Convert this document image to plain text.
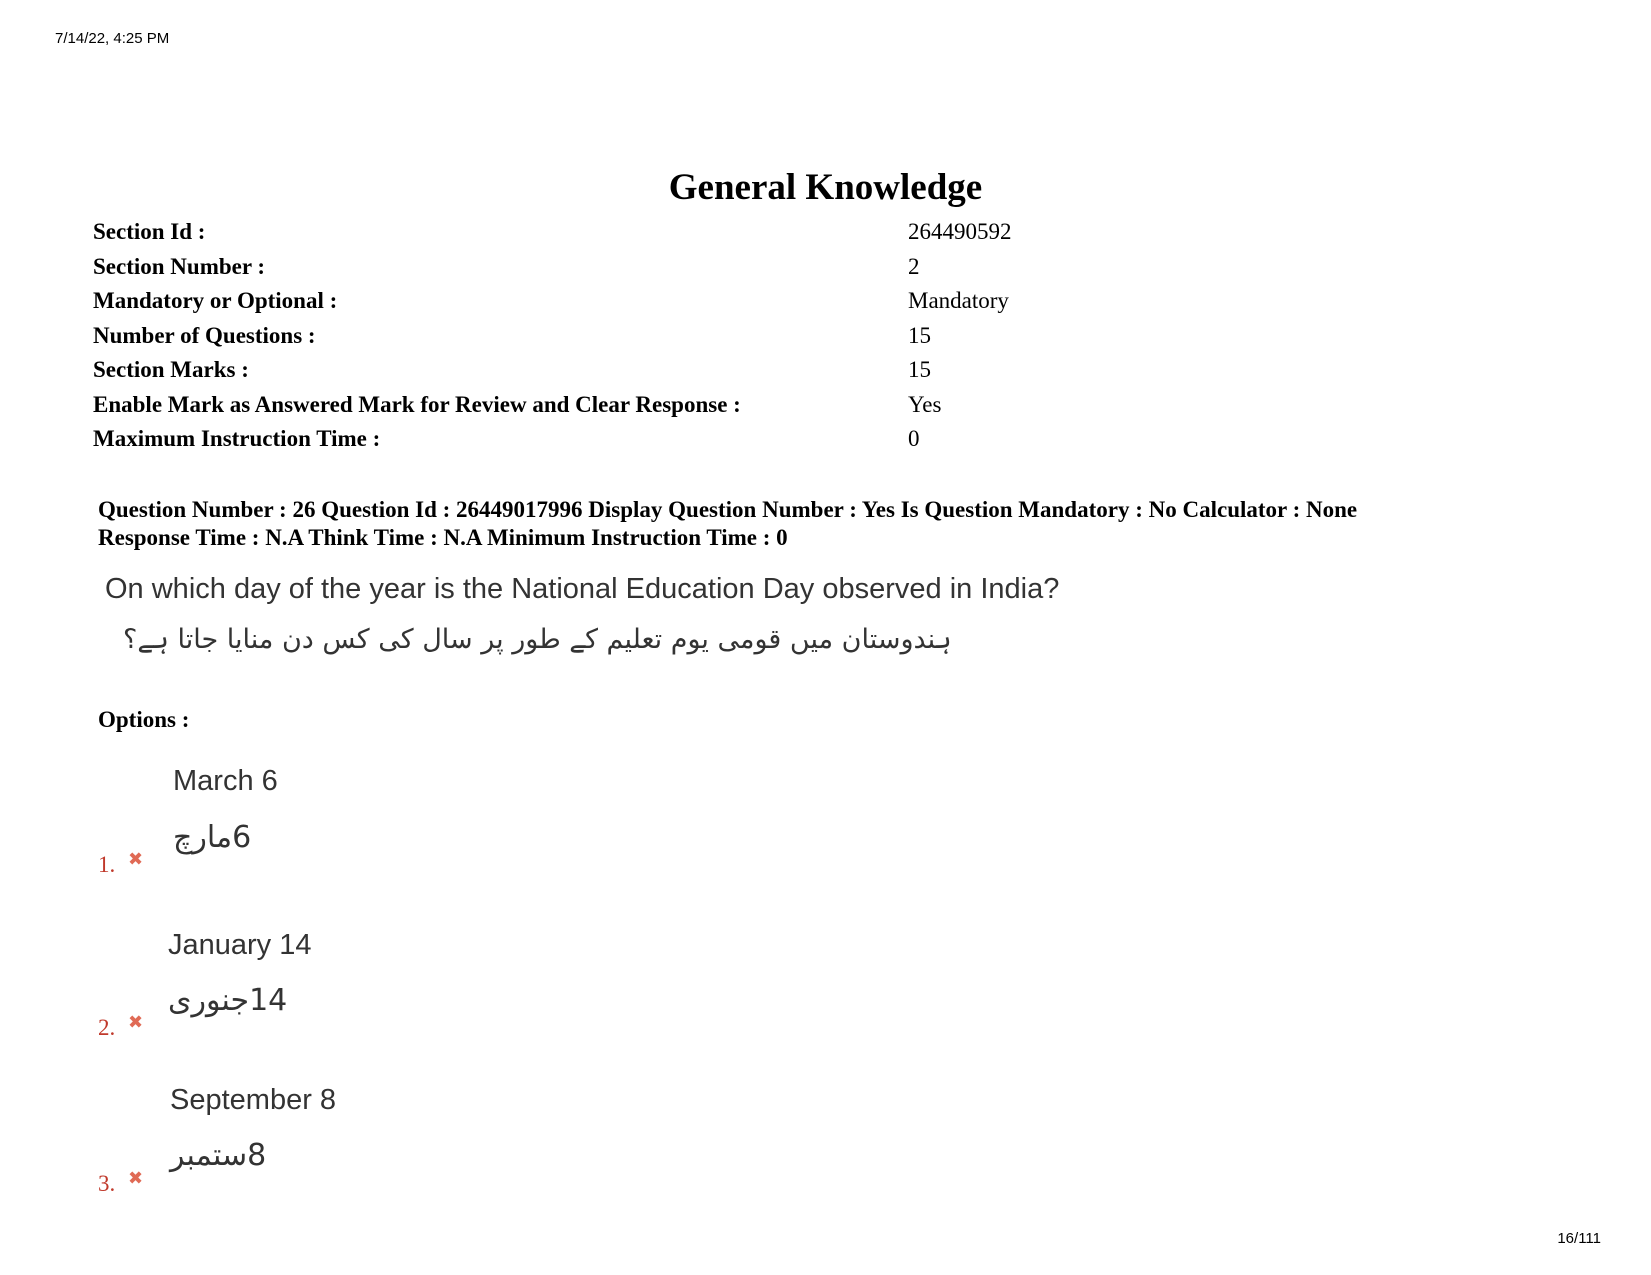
7/14/22, 4:25 PM
General Knowledge
Section Id :	264490592
Section Number :	2
Mandatory or Optional :	Mandatory
Number of Questions :	15
Section Marks :	15
Enable Mark as Answered Mark for Review and Clear Response :	Yes
Maximum Instruction Time :	0
Question Number : 26 Question Id : 26449017996 Display Question Number : Yes Is Question Mandatory : No Calculator : None
Response Time : N.A Think Time : N.A Minimum Instruction Time : 0
On which day of the year is the National Education Day observed in India?
ہندوستان میں قومی یوم تعلیم کے طور پر سال کی کس دن منایا جاتا ہے؟
Options :
March 6
6مارچ
1. ✖
January 14
14جنوری
2. ✖
September 8
8ستمبر
3. ✖
16/111
